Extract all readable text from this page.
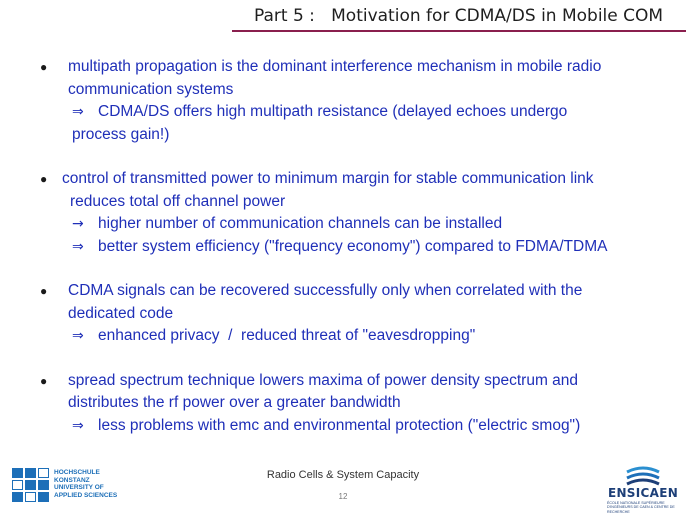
Part 5 :   Motivation for CDMA/DS in Mobile COM
●	multipath propagation is the dominant interference mechanism in mobile radio
communication systems
⇒ CDMA/DS offers high multipath resistance (delayed echoes undergo
process gain!)
● control of transmitted power to minimum margin for stable communication link
reduces total off channel power
→ higher number of communication channels can be installed
⇒ better system efficiency ("frequency economy") compared to FDMA/TDMA
●	CDMA signals can be recovered successfully only when correlated with the
dedicated code
⇒ enhanced privacy  /  reduced threat of "eavesdropping"
●	spread spectrum technique lowers maxima of power density spectrum and
distributes the rf power over a greater bandwidth
⇒ less problems with emc and environmental protection ("electric smog")
Radio Cells & System Capacity
12
HOCHSCHULE
KONSTANZ
UNIVERSITY OF
APPLIED SCIENCES	ENSICAEN
ÉCOLE NATIONALE SUPÉRIEURE D'INGÉNIEURS DE CAEN & CENTRE DE RECHERCHE
